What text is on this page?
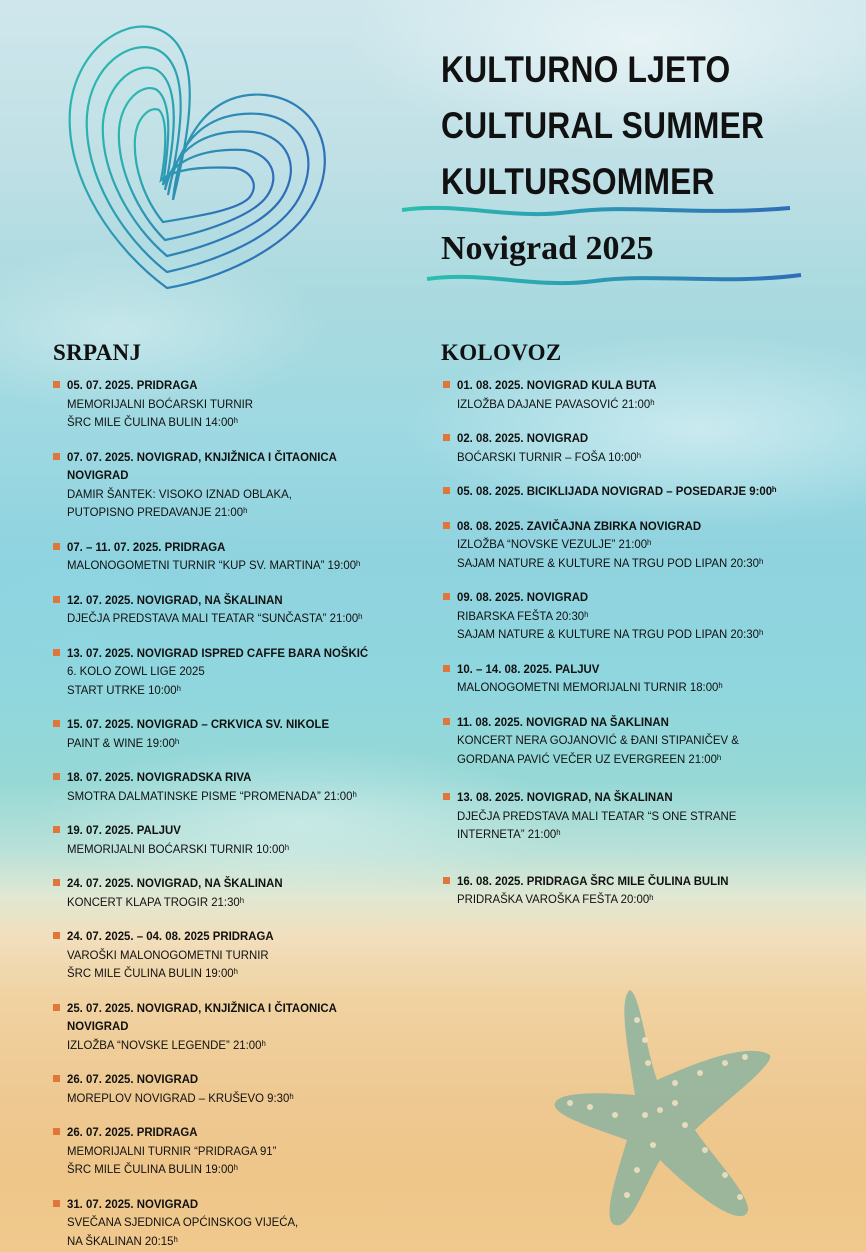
KULTURNO LJETO
CULTURAL SUMMER
KULTURSOMMER
Novigrad 2025
SRPANJ	KOLOVOZ
05. 07. 2025. PRIDRAGA
MEMORIJALNI BOĆARSKI TURNIR
ŠRC MILE ČULINA BULIN 14:00ʰ
07. 07. 2025. NOVIGRAD, KNJIŽNICA I ČITAONICA NOVIGRAD
DAMIR ŠANTEK: VISOKO IZNAD OBLAKA,
PUTOPISNO PREDAVANJE 21:00ʰ
07. – 11. 07. 2025. PRIDRAGA
MALONOGOMETNI TURNIR “KUP SV. MARTINA” 19:00ʰ
12. 07. 2025. NOVIGRAD, NA ŠKALINAN
DJEČJA PREDSTAVA MALI TEATAR “SUNČASTA” 21:00ʰ
13. 07. 2025. NOVIGRAD ISPRED CAFFE BARA NOŠKIĆ
6. KOLO ZOWL LIGE 2025
START UTRKE 10:00ʰ
15. 07. 2025. NOVIGRAD – CRKVICA SV. NIKOLE
PAINT & WINE 19:00ʰ
18. 07. 2025. NOVIGRADSKA RIVA
SMOTRA DALMATINSKE PISME “PROMENADA” 21:00ʰ
19. 07. 2025. PALJUV
MEMORIJALNI BOĆARSKI TURNIR 10:00ʰ
24. 07. 2025. NOVIGRAD, NA ŠKALINAN
KONCERT KLAPA TROGIR 21:30ʰ
24. 07. 2025. – 04. 08. 2025 PRIDRAGA
VAROŠKI MALONOGOMETNI TURNIR
ŠRC MILE ČULINA BULIN 19:00ʰ
25. 07. 2025. NOVIGRAD, KNJIŽNICA I ČITAONICA NOVIGRAD
IZLOŽBA “NOVSKE LEGENDE” 21:00ʰ
26. 07. 2025. NOVIGRAD
MOREPLOV NOVIGRAD – KRUŠEVO 9:30ʰ
26. 07. 2025. PRIDRAGA
MEMORIJALNI TURNIR “PRIDRAGA 91”
ŠRC MILE ČULINA BULIN 19:00ʰ
31. 07. 2025. NOVIGRAD
SVEČANA SJEDNICA OPĆINSKOG VIJEĆA,
NA ŠKALINAN 20:15ʰ
01. 08. 2025. NOVIGRAD KULA BUTA
IZLOŽBA DAJANE PAVASOVIĆ 21:00ʰ
02. 08. 2025. NOVIGRAD
BOĆARSKI TURNIR – FOŠA 10:00ʰ
05. 08. 2025. BICIKLIJADA NOVIGRAD – POSEDARJE 9:00ʰ
08. 08. 2025. ZAVIČAJNA ZBIRKA NOVIGRAD
IZLOŽBA “NOVSKE VEZULJE” 21:00ʰ
SAJAM NATURE & KULTURE NA TRGU POD LIPAN 20:30ʰ
09. 08. 2025. NOVIGRAD
RIBARSKA FEŠTA 20:30ʰ
SAJAM NATURE & KULTURE NA TRGU POD LIPAN 20:30ʰ
10. – 14. 08. 2025. PALJUV
MALONOGOMETNI MEMORIJALNI TURNIR 18:00ʰ
11. 08. 2025. NOVIGRAD NA ŠAKLINAN
KONCERT NERA GOJANOVIĆ & ĐANI STIPANIČEV &
GORDANA PAVIĆ VEČER UZ EVERGREEN 21:00ʰ
13. 08. 2025. NOVIGRAD, NA ŠKALINAN
DJEČJA PREDSTAVA MALI TEATAR “S ONE STRANE
INTERNETA” 21:00ʰ
16. 08. 2025. PRIDRAGA ŠRC MILE ČULINA BULIN
PRIDRAŠKA VAROŠKA FEŠTA 20:00ʰ
